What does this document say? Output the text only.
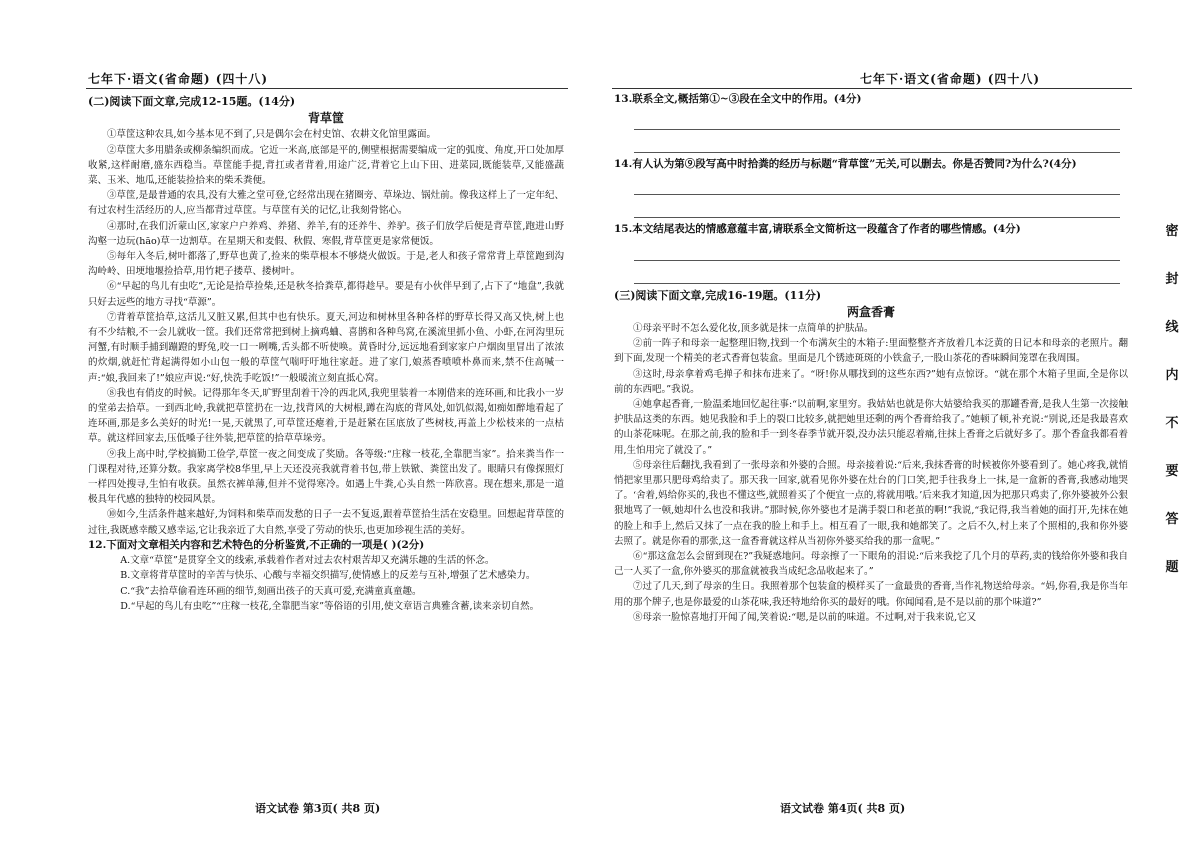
七年下·语文(省命题) (四十八)
(二)阅读下面文章,完成12-15题。(14分)
背草筐

①草筐这种农具,如今基本见不到了,只是偶尔会在村史馆、农耕文化馆里露面。

②草筐大多用腊条或柳条编织而成。它近一米高,底部是平的,侧壁根据需要编成一定的弧度、角度,开口处加厚收紧,这样耐磨,盛东西稳当。草筐能手提,背扛或者背着,用途广泛,背着它上山下田、进菜园,既能装草,又能盛蔬菜、玉米、地瓜,还能装捡拾来的柴禾粪便。

③草筐,是最普通的农具,没有大雅之堂可登,它经常出现在猪圈旁、草垛边、锅灶前。像我这样上了一定年纪、有过农村生活经历的人,应当都背过草筐。与草筐有关的记忆,让我刻骨铭心。

④那时,在我们沂蒙山区,家家户户养鸡、养猪、养羊,有的还养牛、养驴。孩子们放学后便是背草筐,跑进山野沟壑一边玩(hāo)草一边割草。在星期天和麦假、秋假、寒假,背草筐更是家常便饭。

⑤每年入冬后,树叶都落了,野草也黄了,捡来的柴草根本不够烧火做饭。于是,老人和孩子常常背上草筐跑到沟沟岭岭、田埂地堰捡拾草,用竹耙子搂草、搂树叶。

⑥“早起的鸟儿有虫吃”,无论是拾草捡柴,还是秋冬拾粪草,都得趁早。要是有小伙伴早到了,占下了“地盘”,我就只好去远些的地方寻找“草源”。

⑦背着草筐拾草,这活儿又脏又累,但其中也有快乐。夏天,河边和树林里各种各样的野草长得又高又快,树上也有不少结粮,不一会儿就收一筐。我们还常常把到树上摘鸡蛐、喜鹊和各种鸟窝,在溪流里抓小鱼、小虾,在河沟里玩河蟹,有时顺手捕到蹦蹬的野兔,咬一口一咧嘴,舌头都不听使唤。黄昏时分,远远地看到家家户户烟囱里冒出了浓浓的炊烟,就赶忙背起满得如小山包一般的草筐气喘吁吁地往家赶。进了家门,娘蒸香喷喷朴鼻而来,禁不住高喊一声:“娘,我回来了!”娘应声说:“好,快洗手吃饭!”一般暖流立刻直抵心窝。

⑧我也有俏皮的时候。记得那年冬天,旷野里刮着干冷的西北风,我兜里装着一本刚借来的连环画,和比我小一岁的堂弟去拾草。一到西北岭,我就把草筐扔在一边,找背风的大树根,蹲在沟底的背风处,如饥似渴,如痴如醉地看起了连环画,那是多么美好的时光!一晃,天就黑了,可草筐还瘪着,于是赶紧在匡底放了些树枝,再盖上少松枝来的一点枯草。就这样回家去,压低嗓子往外装,把草筐的拾草草垛旁。

⑨我上高中时,学校搞勤工俭学,草筐一夜之间变成了奖励。各等级:“庄稼一枝花,全靠肥当家”。拾来粪当作一门课程对待,还算分数。我家离学校8华里,早上天还没亮我就背着书包,带上铁锨、粪筐出发了。眼睛只有像探照灯一样四处搜寻,生怕有收获。虽然衣裤单薄,但并不觉得寒冷。如遇上牛粪,心头自然一阵欣喜。现在想来,那是一道极具年代感的独特的校园风景。

⑩如今,生活条件越来越好,为饲料和柴草而发愁的日子一去不复返,跟着草筐拾生活在安稳里。回想起背草筐的过往,我既感幸酸又感幸运,它让我亲近了大自然,享受了劳动的快乐,也更加珍视生活的美好。

12.下面对文章相关内容和艺术特色的分析鉴赏,不正确的一项是( )(2分)

A.文章“草筐”是贯穿全文的线索,承载着作者对过去农村艰苦却又充满乐趣的生活的怀念。

B.文章将背草筐时的辛苦与快乐、心酸与幸福交织描写,使情感上的反差与互补,增强了艺术感染力。

C.“我”去拾草偷看连环画的细节,刻画出孩子的天真可爱,充满童真童趣。

D.“早起的鸟儿有虫吃”“庄稼一枝花,全靠肥当家”等俗语的引用,使文章语言典雅含蓄,读来亲切自然。

语文试卷 第3页( 共8 页)
七年下·语文(省命题) (四十八)

13.联系全文,概括第①~③段在全文中的作用。(4分)

14.有人认为第⑨段写高中时拾粪的经历与标题“背草筐”无关,可以删去。你是否赞同?为什么?(4分)

15.本文结尾表达的情感意蕴丰富,请联系全文简析这一段蕴含了作者的哪些情感。(4分)

(三)阅读下面文章,完成16-19题。(11分)
两盒香膏

①母亲平时不怎么爱化妆,顶多就是抹一点简单的护肤品。

②前一阵子和母亲一起整理旧物,找到一个布满灰尘的木箱子:里面整整齐齐放着几本泛黄的日记本和母亲的老照片。翻到下面,发现一个精美的老式香膏包装盒。里面是几个锈迹斑斑的小铁盒子,一股山茶花的香味瞬间笼罩在我周围。

③这时,母亲拿着鸡毛掸子和抹布进来了。“呀!你从哪找到的这些东西?”她有点惊讶。“就在那个木箱子里面,全是你以前的东西吧。”我说。

④她拿起香膏,一脸温柔地回忆起往事:“以前啊,家里穷。我姑姑也就是你大姑婆给我买的那罐香膏,是我人生第一次接触护肤品这类的东西。她见我脸和手上的裂口比较多,就把她里还剩的两个香膏给我了。”她顿了顿,补充说:“别说,还是我最喜欢的山茶花味呢。在那之前,我的脸和手一到冬春季节就开裂,没办法只能忍着痛,往抹上香膏之后就好多了。那个香盒我都看着用,生怕用完了就没了。”

⑤母亲往后翻找,我看到了一张母亲和外婆的合照。母亲接着说:“后来,我抹香膏的时候被你外婆看到了。她心疼我,就悄悄把家里那只肥母鸡给卖了。那天我一回家,就看见你外婆在灶台的门口笑,把手往我身上一抹,是一盒新的香膏,我感动地哭了。‘舍着,妈给你买的,我也不懂这些,就照着买了个便宜一点的,将就用哦。’后来我才知道,因为把那只鸡卖了,你外婆被外公狠狠地骂了一顿,她却什么也没和我讲。”那时候,你外婆也才是满手裂口和老茧的啊!”我说,“我记得,我当着她的面打开,先抹在她的脸上和手上,然后又抹了一点在我的脸上和手上。相互看了一眼,我和她都笑了。之后不久,村上来了个照相的,我和你外婆去照了。就是你看的那张,这一盒香膏就这样从当初你外婆买给我的那一盒呢。”

⑥“那这盒怎么会留到现在?”我疑惑地问。母亲擦了一下眼角的泪说:“后来我挖了几个月的草药,卖的钱给你外婆和我自己一人买了一盒,你外婆买的那盒就被我当成纪念品收起来了。”

⑦过了几天,到了母亲的生日。我照着那个包装盒的模样买了一盒最贵的香膏,当作礼物送给母亲。“妈,你看,我是你当年用的那个牌子,也是你最爱的山茶花味,我还特地给你买的最好的哦。你闻闻看,是不是以前的那个味道?”

⑧母亲一脸惊喜地打开闻了闻,笑着说:“嗯,是以前的味道。不过啊,对于我来说,它又

语文试卷 第4页( 共8 页)
密
封
线
内
不
要
答
题
